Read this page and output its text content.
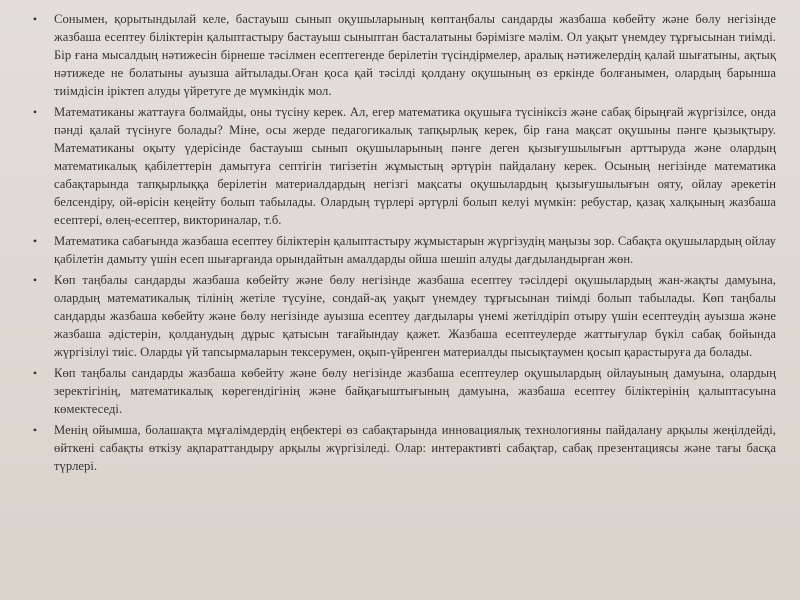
•	Сонымен, қорытындылай келе, бастауыш сынып оқушыларының көптаңбалы сандарды жазбаша көбейту және бөлу негізінде жазбаша есептеу біліктерін қалыптастыру бастауыш сыныптан басталатыны бәрімізге мәлім. Ол уақыт үнемдеу тұрғысынан тиімді. Бір ғана мысалдың нәтижесін бірнеше тәсілмен есептегенде берілетін түсіндірмелер, аралық нәтижелердің қалай шығатыны, ақтық нәтижеде не болатыны ауызша айтылады.Оған қоса қай тәсілді қолдану оқушының өз еркінде болғанымен, олардың барынша тиімдісін іріктеп алуды үйретуге де мүмкіндік мол.
•	Математиканы жаттауға болмайды, оны түсіну керек. Ал, егер математика оқушыға түсініксіз және сабақ бірыңғай жүргізілсе, онда пәнді қалай түсінуге болады? Міне, осы жерде педагогикалық тапқырлық керек, бір ғана мақсат оқушыны пәнге қызықтыру. Математиканы оқыту үдерісінде бастауыш сынып оқушыларының пәнге деген қызығушылығын арттыруда және олардың математикалық қабілеттерін дамытуға септігін тигізетін жұмыстың әртүрін пайдалану керек. Осының негізінде математика сабақтарында тапқырлыққа берілетін материалдардың негізгі мақсаты оқушылардың қызығушылығын ояту, ойлау әрекетін белсендіру, ой-өрісін кеңейту болып табылады. Олардың түрлері әртүрлі болып келуі мүмкін: ребустар, қазақ халқының жазбаша есептері, өлең-есептер, викториналар, т.б.
•	Математика сабағында жазбаша есептеу біліктерін қалыптастыру жұмыстарын жүргізудің маңызы зор. Сабақта оқушылардың ойлау қабілетін дамыту үшін есеп шығарғанда орындайтын амалдарды ойша шешіп алуды дағдыландырған жөн.
•	Көп таңбалы сандарды жазбаша көбейту және бөлу негізінде жазбаша есептеу тәсілдері оқушылардың жан-жақты дамуына, олардың математикалық тілінің жетіле түсуіне, сондай-ақ уақыт үнемдеу тұрғысынан тиімді болып табылады. Көп таңбалы сандарды жазбаша көбейту және бөлу негізінде ауызша есептеу дағдылары үнемі жетілдіріп отыру үшін есептеудің ауызша және жазбаша әдістерін, қолданудың дұрыс қатысын тағайындау қажет. Жазбаша есептеулерде жаттығулар бүкіл сабақ бойында жүргізілуі тиіс. Оларды үй тапсырмаларын тексерумен, оқып-үйренген материалды пысықтаумен қосып қарастыруға да болады.
•	Көп таңбалы сандарды жазбаша көбейту және бөлу негізінде жазбаша есептеулер оқушылардың ойлауының дамуына, олардың зеректігінің, математикалық көрегендігінің және байқағыштығының дамуына, жазбаша есептеу біліктерінің қалыптасуына көмектеседі.
•	Менің ойымша, болашақта мұғалімдердің еңбектері өз сабақтарында инновациялық технологияны пайдалану арқылы жеңілдейді, өйткені сабақты өткізу ақпараттандыру арқылы жүргізіледі. Олар: интерактивті сабақтар, сабақ презентациясы және тағы басқа түрлері.
